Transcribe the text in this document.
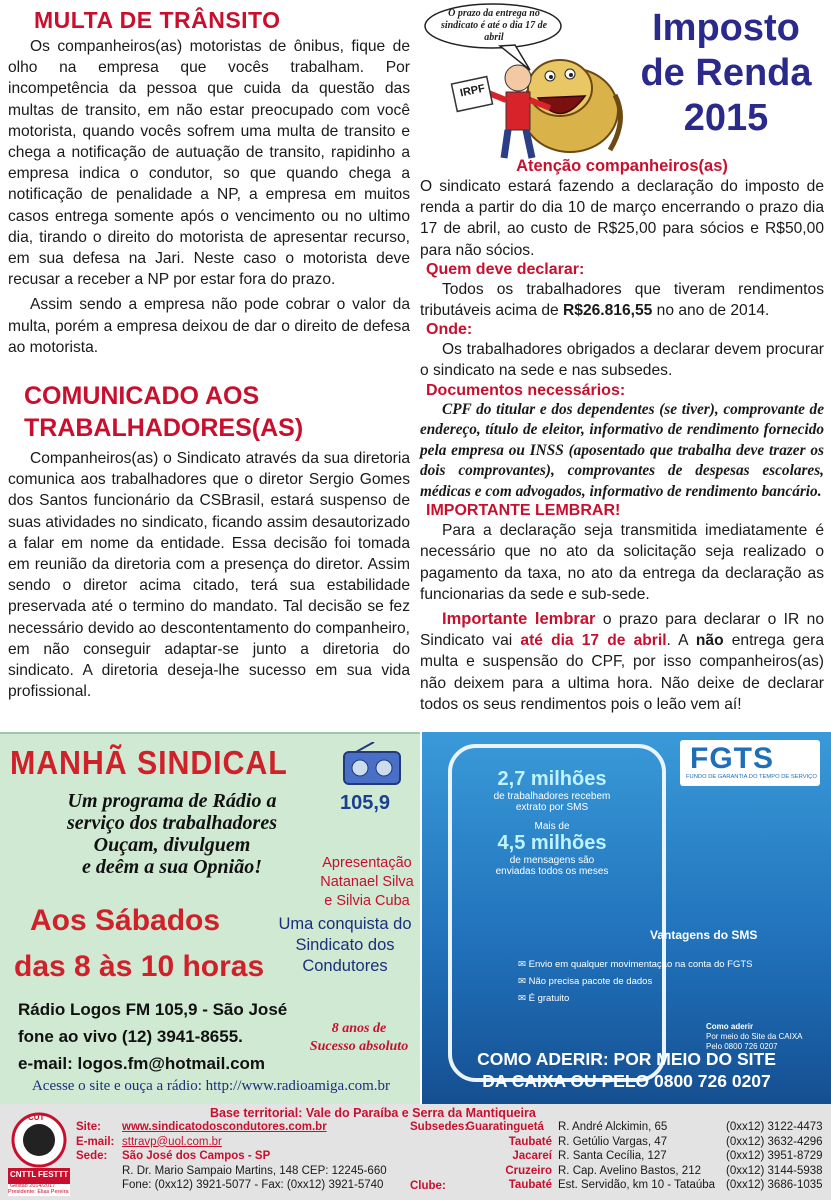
MULTA DE TRÂNSITO

Os companheiros(as) motoristas de ônibus, fique de olho na empresa que vocês trabalham. Por incompetência da pessoa que cuida da questão das multas de transito, em não estar preocupado com você motorista, quando vocês sofrem uma multa de transito e chega a notificação de autuação de transito, rapidinho a empresa indica o condutor, so que quando chega a notificação de penalidade a NP, a empresa em muitos casos entrega somente após o vencimento ou no ultimo dia, tirando o direito do motorista de apresentar recurso, em sua defesa na Jari. Neste caso o motorista deve recusar a receber a NP por estar fora do prazo.

Assim sendo a empresa não pode cobrar o valor da multa, porém a empresa deixou de dar o direito de defesa ao motorista.

COMUNICADO AOS
TRABALHADORES(AS)

Companheiros(as) o Sindicato através da sua diretoria comunica aos trabalhadores que o diretor Sergio Gomes dos Santos funcionário da CSBrasil, estará suspenso de suas atividades no sindicato, ficando assim desautorizado a falar em nome da entidade. Essa decisão foi tomada em reunião da diretoria com a presença do diretor. Assim sendo o diretor acima citado, terá sua estabilidade preservada até o termino do mandato. Tal decisão se fez necessário devido ao descontentamento do companheiro, em não conseguir adaptar-se junto a diretoria do sindicato. A diretoria deseja-lhe sucesso em sua vida profissional.

O prazo da entrega no sindicato é até o dia 17 de abril
IRPF
Imposto
de Renda
2015
Atenção companheiros(as)

O sindicato estará fazendo a declaração do imposto de renda a partir do dia 10 de março encerrando o prazo dia 17 de abril, ao custo de R$25,00 para sócios e R$50,00 para não sócios.

Quem deve declarar:

Todos os trabalhadores que tiveram rendimentos tributáveis acima de R$26.816,55 no ano de 2014.

Onde:

Os trabalhadores obrigados a declarar devem procurar o sindicato na sede e nas subsedes.

Documentos necessários:

CPF do titular e dos dependentes (se tiver), comprovante de endereço, título de eleitor, informativo de rendimento fornecido pela empresa ou INSS (aposentado que trabalha deve trazer os dois comprovantes), comprovantes de despesas escolares, médicas e com advogados, informativo de rendimento bancário.

IMPORTANTE LEMBRAR!

Para a declaração seja transmitida imediatamente é necessário que no ato da solicitação seja realizado o pagamento da taxa, no ato da entrega da declaração as funcionarias da sede e sub-sede.

Importante lembrar o prazo para declarar o IR no Sindicato vai até dia 17 de abril. A não entrega gera multa e suspensão do CPF, por isso companheiros(as) não deixem para a ultima hora. Não deixe de declarar todos os seus rendimentos pois o leão vem aí!

MANHÃ SINDICAL
105,9
Um programa de Rádio a
serviço dos trabalhadores
Ouçam, divulguem
e deêm a sua Opnião!	Apresentação
Natanael Silva
e Silvia Cuba
Uma conquista do
Sindicato dos
Condutores
Aos Sábados
das 8 às 10 horas
Rádio Logos FM 105,9 - São José
fone ao vivo (12) 3941-8655.
e-mail: logos.fm@hotmail.com
8 anos de
Sucesso absoluto
Acesse o site e ouça a rádio: http://www.radioamiga.com.br
FGTS
FUNDO DE GARANTIA DO TEMPO DE SERVIÇO
2,7 milhões
de trabalhadores recebem
extrato por SMS
Mais de
4,5 milhões
de mensagens são
enviadas todos os meses
Vantagens do SMS
✉ Envio em qualquer movimentação na conta do FGTS
✉ Não precisa pacote de dados
✉ É gratuito
Como aderir
Por meio do Site da CAIXA
Pelo 0800 726 0207
COMO ADERIR: POR MEIO DO SITE
DA CAIXA OU PELO 0800 726 0207
CUT
CNTTL FESTTT
Gestão 2014/2017
Presidente: Elias Pereira
Base territorial: Vale do Paraíba e Serra da Mantiqueira
Site: www.sindicatodoscondutores.com.br
E-mail: sttravp@uol.com.br
Sede: São José dos Campos - SP
R. Dr. Mario Sampaio Martins, 148 CEP: 12245-660
Fone: (0xx12) 3921-5077 - Fax: (0xx12) 3921-5740
Subsedes:
Clube:
Guaratinguetá	R. André Alckimin, 65	(0xx12) 3122-4473
Taubaté R. Getúlio Vargas, 47	(0xx12) 3632-4296
Jacareí R. Santa Cecília, 127	(0xx12) 3951-8729
Cruzeiro R. Cap. Avelino Bastos, 212	(0xx12) 3144-5938
Taubaté Est. Servidão, km 10 - Tataúba (0xx12) 3686-1035
